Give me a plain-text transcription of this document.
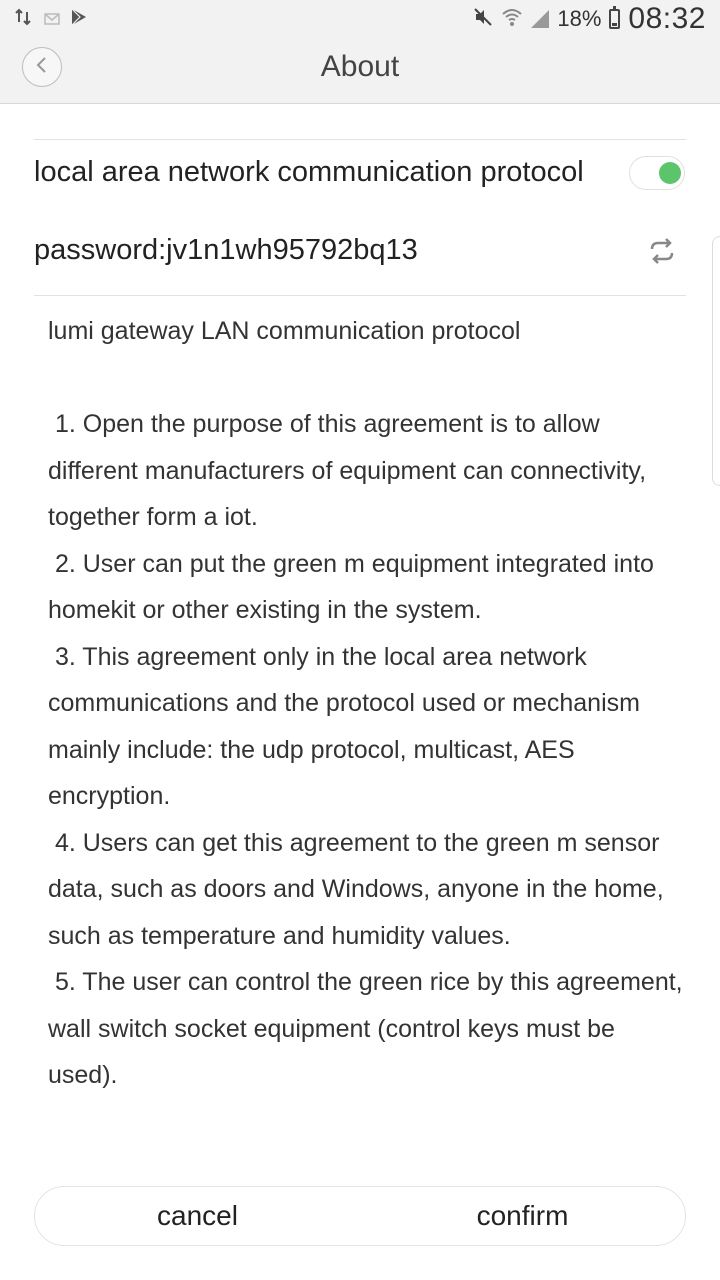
18% 08:32
About
local area network communication protocol
password:jv1n1wh95792bq13
lumi gateway LAN communication protocol

1. Open the purpose of this agreement is to allow different manufacturers of equipment can connectivity, together form a iot.
2. User can put the green m equipment integrated into homekit or other existing in the system.
3. This agreement only in the local area network communications and the protocol used or mechanism mainly include: the udp protocol, multicast, AES encryption.
4. Users can get this agreement to the green m sensor data, such as doors and Windows, anyone in the home, such as temperature and humidity values.
5. The user can control the green rice by this agreement, wall switch socket equipment (control keys must be used).
cancel	confirm
